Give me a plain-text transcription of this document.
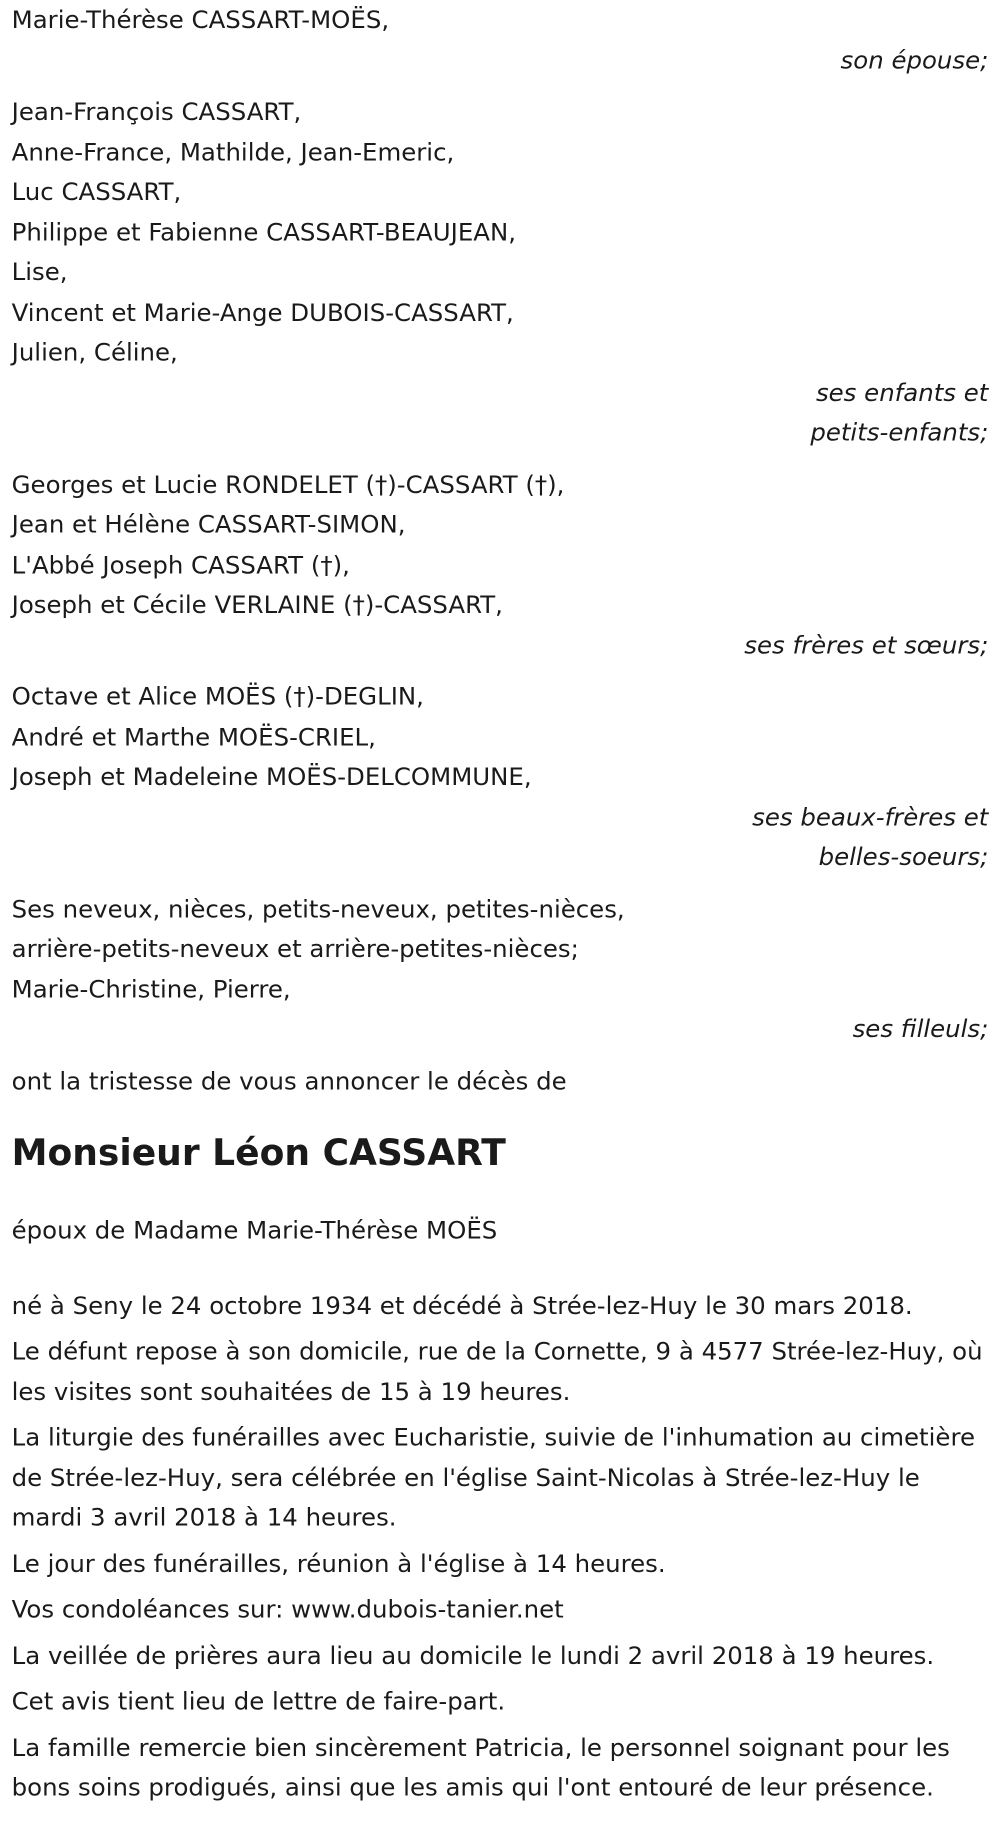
Marie-Thérèse CASSART-MOËS,
son épouse;
Jean-François CASSART,
Anne-France, Mathilde, Jean-Emeric,
Luc CASSART,
Philippe et Fabienne CASSART-BEAUJEAN,
Lise,
Vincent et Marie-Ange DUBOIS-CASSART,
Julien, Céline,
ses enfants et
petits-enfants;
Georges et Lucie RONDELET (†)-CASSART (†),
Jean et Hélène CASSART-SIMON,
L'Abbé Joseph CASSART (†),
Joseph et Cécile VERLAINE (†)-CASSART,
ses frères et sœurs;
Octave et Alice MOËS (†)-DEGLIN,
André et Marthe MOËS-CRIEL,
Joseph et Madeleine MOËS-DELCOMMUNE,
ses beaux-frères et
belles-soeurs;
Ses neveux, nièces, petits-neveux, petites-nièces,
arrière-petits-neveux et arrière-petites-nièces;
Marie-Christine, Pierre,
ses filleuls;
ont la tristesse de vous annoncer le décès de
Monsieur Léon CASSART
époux de Madame Marie-Thérèse MOËS
né à Seny le 24 octobre 1934 et décédé à Strée-lez-Huy le 30 mars 2018.
Le défunt repose à son domicile, rue de la Cornette, 9 à 4577 Strée-lez-Huy, où les visites sont souhaitées de 15 à 19 heures.
La liturgie des funérailles avec Eucharistie, suivie de l'inhumation au cimetière de Strée-lez-Huy, sera célébrée en l'église Saint-Nicolas à Strée-lez-Huy le mardi 3 avril 2018 à 14 heures.
Le jour des funérailles, réunion à l'église à 14 heures.
Vos condoléances sur: www.dubois-tanier.net
La veillée de prières aura lieu au domicile le lundi 2 avril 2018 à 19 heures.
Cet avis tient lieu de lettre de faire-part.
La famille remercie bien sincèrement Patricia, le personnel soignant pour les bons soins prodigués, ainsi que les amis qui l'ont entouré de leur présence.
